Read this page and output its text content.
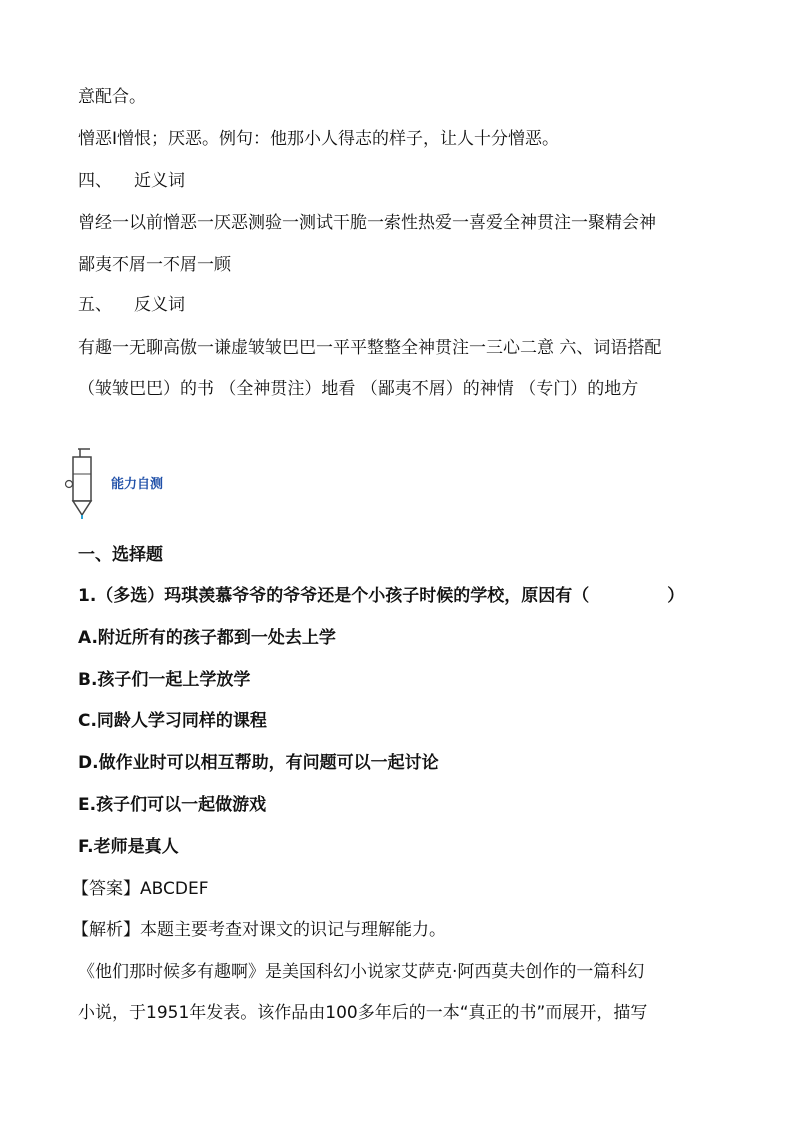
意配合。
憎恶Ⅰ憎恨；厌恶。例句：他那小人得志的样子，让人十分憎恶。
四、 近义词
曾经一以前憎恶一厌恶测验一测试干脆一索性热爱一喜爱全神贯注一聚精会神
鄙夷不屑一不屑一顾
五、 反义词
有趣一无聊高傲一谦虚皱皱巴巴一平平整整全神贯注一三心二意 六、词语搭配
（皱皱巴巴）的书 （全神贯注）地看 （鄙夷不屑）的神情 （专门）的地方
能力自测
一、选择题
1.（多选）玛琪羡慕爷爷的爷爷还是个小孩子时候的学校，原因有（	）
A.附近所有的孩子都到一处去上学
B.孩子们一起上学放学
C.同龄人学习同样的课程
D.做作业时可以相互帮助，有问题可以一起讨论
E.孩子们可以一起做游戏
F.老师是真人
【答案】ABCDEF
【解析】本题主要考查对课文的识记与理解能力。
《他们那时候多有趣啊》是美国科幻小说家艾萨克·阿西莫夫创作的一篇科幻
小说，于1951年发表。该作品由100多年后的一本“真正的书”而展开，描写
